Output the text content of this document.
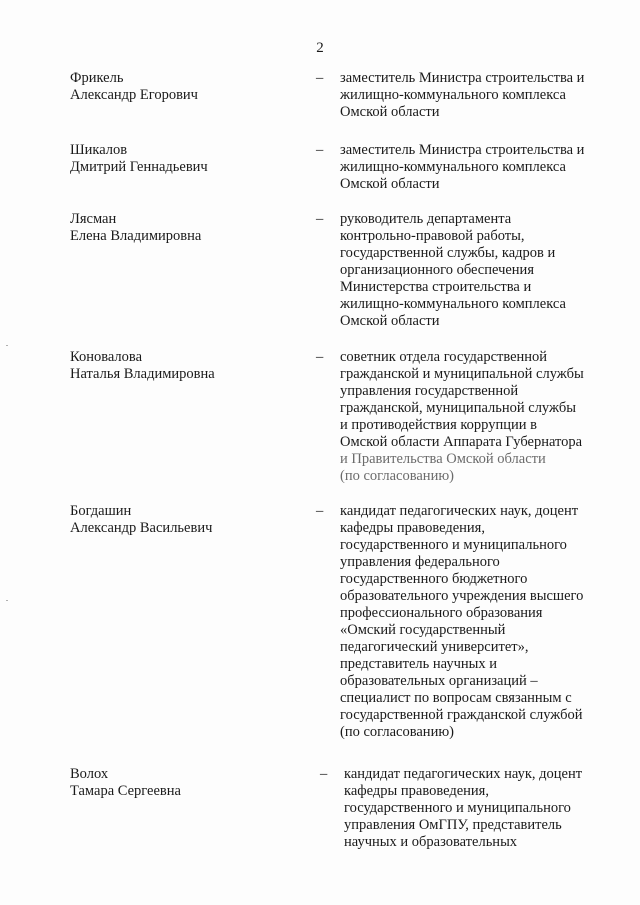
2
Фрикель
Александр Егорович
– заместитель Министра строительства и
жилищно-коммунального комплекса
Омской области
Шикалов
Дмитрий Геннадьевич
– заместитель Министра строительства и
жилищно-коммунального комплекса
Омской области
Лясман
Елена Владимировна
– руководитель департамента
контрольно-правовой работы,
государственной службы, кадров и
организационного обеспечения
Министерства строительства и
жилищно-коммунального комплекса
Омской области
Коновалова
Наталья Владимировна
– советник отдела государственной
гражданской и муниципальной службы
управления государственной
гражданской, муниципальной службы
и противодействия коррупции в
Омской области Аппарата Губернатора
и Правительства Омской области
(по согласованию)
Богдашин
Александр Васильевич
– кандидат педагогических наук, доцент
кафедры правоведения,
государственного и муниципального
управления федерального
государственного бюджетного
образовательного учреждения высшего
профессионального образования
«Омский государственный
педагогический университет»,
представитель научных и
образовательных организаций –
специалист по вопросам связанным с
государственной гражданской службой
(по согласованию)
Волох
Тамара Сергеевна
– кандидат педагогических наук, доцент
кафедры правоведения,
государственного и муниципального
управления ОмГПУ, представитель
научных и образовательных
